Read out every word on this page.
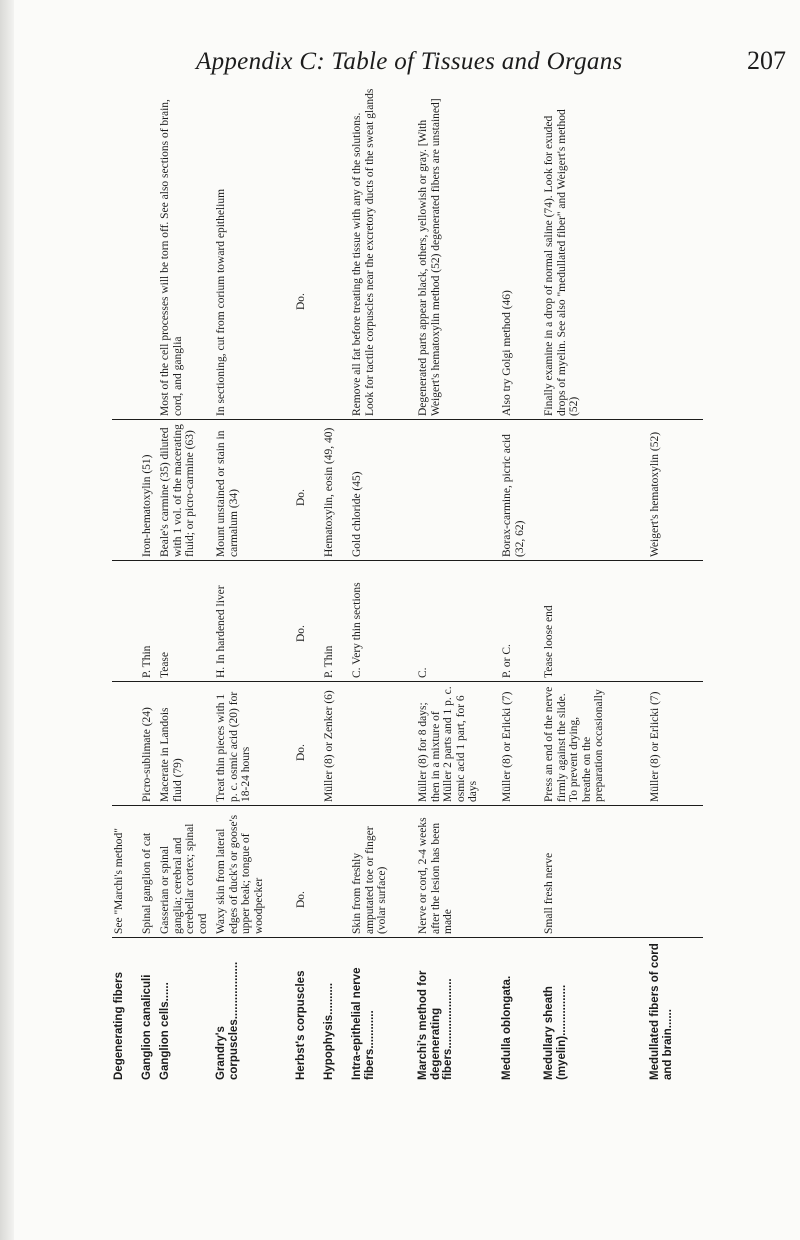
Appendix C: Table of Tissues and Organs	207
Degenerating fibers
See "Marchi's method"
Ganglion canaliculi
Spinal ganglion of cat
Picro-sublimate (24)
P. Thin
Iron-hematoxylin (51)
Ganglion cells......
Gasserian or spinal ganglia; cerebral and cerebellar cortex; spinal cord
Macerate in Landois fluid (79)
Tease
Beale's carmine (35) diluted with 1 vol. of the macerating fluid; or picro-carmine (63)
Most of the cell processes will be torn off. See also sections of brain, cord, and ganglia
Grandry's corpuscles..................
Waxy skin from lateral edges of duck's or goose's upper beak; tongue of woodpecker
Treat thin pieces with 1 p. c. osmic acid (20) for 18-24 hours
H. In hardened liver
Mount unstained or stain in carmalum (34)
In sectioning, cut from corium toward epithelium
Herbst's corpuscles
Do.
Do.
Do.
Do.
Do.
Hypophysis..........
Müller (8) or Zenker (6)
P. Thin
Hematoxylin, eosin (49, 40)
Intra-epithelial nerve fibers............
Skin from freshly amputated toe or finger (volar surface)
C. Very thin sections
Gold chloride (45)
Remove all fat before treating the tissue with any of the solutions. Look for tactile corpuscles near the excretory ducts of the sweat glands
Marchi's method for degenerating fibers......................
Nerve or cord, 2-4 weeks after the lesion has been made
Müller (8) for 8 days; then in a mixture of Müller 2 parts and 1 p. c. osmic acid 1 part, for 6 days
C.
Degenerated parts appear black, others, yellowish or gray. [With Weigert's hematoxylin method (52) degenerated fibers are unstained]
Medulla oblongata.
Müller (8) or Erlicki (7)
P. or C.
Borax-carmine, picric acid (32, 62)
Also try Golgi method (46)
Medullary sheath (myelin)................
Small fresh nerve
Press an end of the nerve firmly against the slide. To prevent drying, breathe on the preparation occasionally
Tease loose end
Finally examine in a drop of normal saline (74). Look for exuded drops of myelin. See also "medullated fiber" and Weigert's method (52)
Medullated fibers of cord and brain......
Müller (8) or Erlicki (7)
Weigert's hematoxylin (52)
